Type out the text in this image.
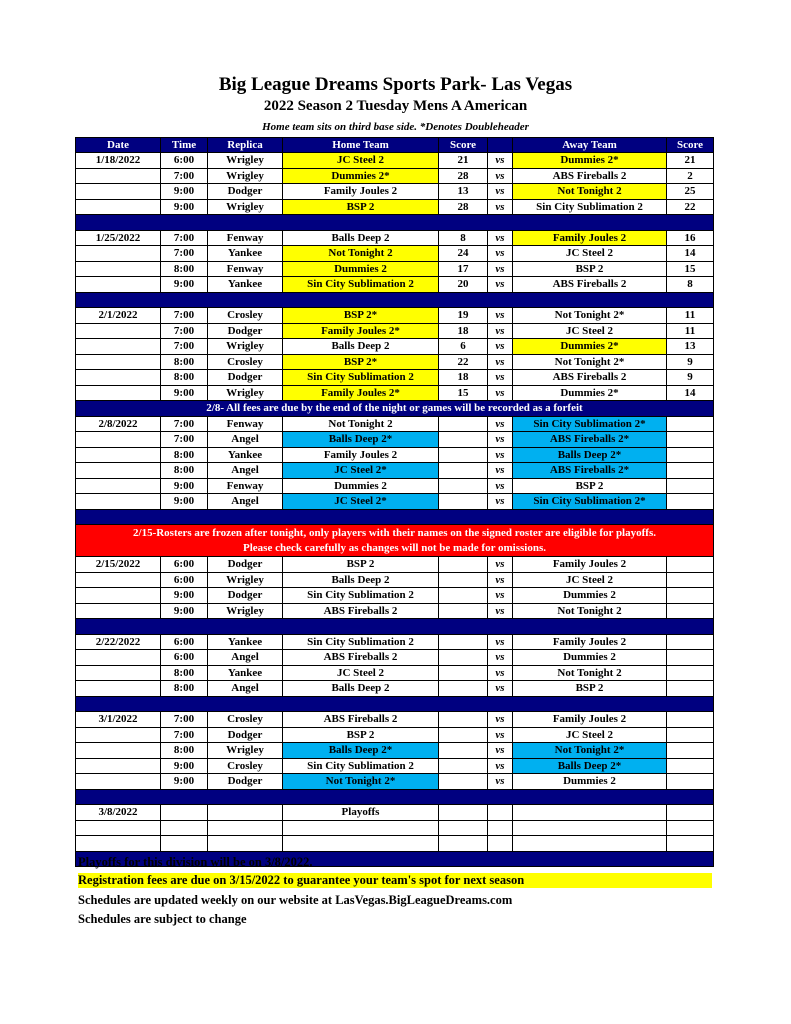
Big League Dreams Sports Park- Las Vegas
2022 Season 2 Tuesday Mens A American
Home team sits on third base side. *Denotes Doubleheader
Date	Time	Replica	Home Team	Score		Away Team	Score
1/18/2022	6:00	Wrigley	JC Steel 2	21	vs	Dummies 2*	21
	7:00	Wrigley	Dummies 2*	28	vs	ABS Fireballs 2	2
	9:00	Dodger	Family Joules 2	13	vs	Not Tonight 2	25
	9:00	Wrigley	BSP 2	28	vs	Sin City Sublimation 2	22

1/25/2022	7:00	Fenway	Balls Deep 2	8	vs	Family Joules 2	16
	7:00	Yankee	Not Tonight 2	24	vs	JC Steel 2	14
	8:00	Fenway	Dummies 2	17	vs	BSP 2	15
	9:00	Yankee	Sin City Sublimation 2	20	vs	ABS Fireballs 2	8

2/1/2022	7:00	Crosley	BSP 2*	19	vs	Not Tonight 2*	11
	7:00	Dodger	Family Joules 2*	18	vs	JC Steel 2	11
	7:00	Wrigley	Balls Deep 2	6	vs	Dummies 2*	13
	8:00	Crosley	BSP 2*	22	vs	Not Tonight 2*	9
	8:00	Dodger	Sin City Sublimation 2	18	vs	ABS Fireballs 2	9
	9:00	Wrigley	Family Joules 2*	15	vs	Dummies 2*	14
2/8- All fees are due by the end of the night or games will be recorded as a forfeit							
2/8/2022	7:00	Fenway	Not Tonight 2		vs	Sin City Sublimation 2*	
	7:00	Angel	Balls Deep 2*		vs	ABS Fireballs 2*	
	8:00	Yankee	Family Joules 2		vs	Balls Deep 2*	
	8:00	Angel	JC Steel 2*		vs	ABS Fireballs 2*	
	9:00	Fenway	Dummies 2		vs	BSP 2	
	9:00	Angel	JC Steel 2*		vs	Sin City Sublimation 2*	

2/15-Rosters are frozen after tonight, only players with their names on the signed roster are eligible for playoffs.
Please check carefully as changes will not be made for omissions.							

2/15/2022	6:00	Dodger	BSP 2		vs	Family Joules 2	
	6:00	Wrigley	Balls Deep 2		vs	JC Steel 2	
	9:00	Dodger	Sin City Sublimation 2		vs	Dummies 2	
	9:00	Wrigley	ABS Fireballs 2		vs	Not Tonight 2	

2/22/2022	6:00	Yankee	Sin City Sublimation 2		vs	Family Joules 2	
	6:00	Angel	ABS Fireballs 2		vs	Dummies 2	
	8:00	Yankee	JC Steel 2		vs	Not Tonight 2	
	8:00	Angel	Balls Deep 2		vs	BSP 2	

3/1/2022	7:00	Crosley	ABS Fireballs 2		vs	Family Joules 2	
	7:00	Dodger	BSP 2		vs	JC Steel 2	
	8:00	Wrigley	Balls Deep 2*		vs	Not Tonight 2*	
	9:00	Crosley	Sin City Sublimation 2		vs	Balls Deep 2*	
	9:00	Dodger	Not Tonight 2*		vs	Dummies 2	

3/8/2022			Playoffs				

Playoffs for this division will be on 3/8/2022.
Registration fees are due on 3/15/2022 to guarantee your team's spot for next season
Schedules are updated weekly on our website at LasVegas.BigLeagueDreams.com
Schedules are subject to change
